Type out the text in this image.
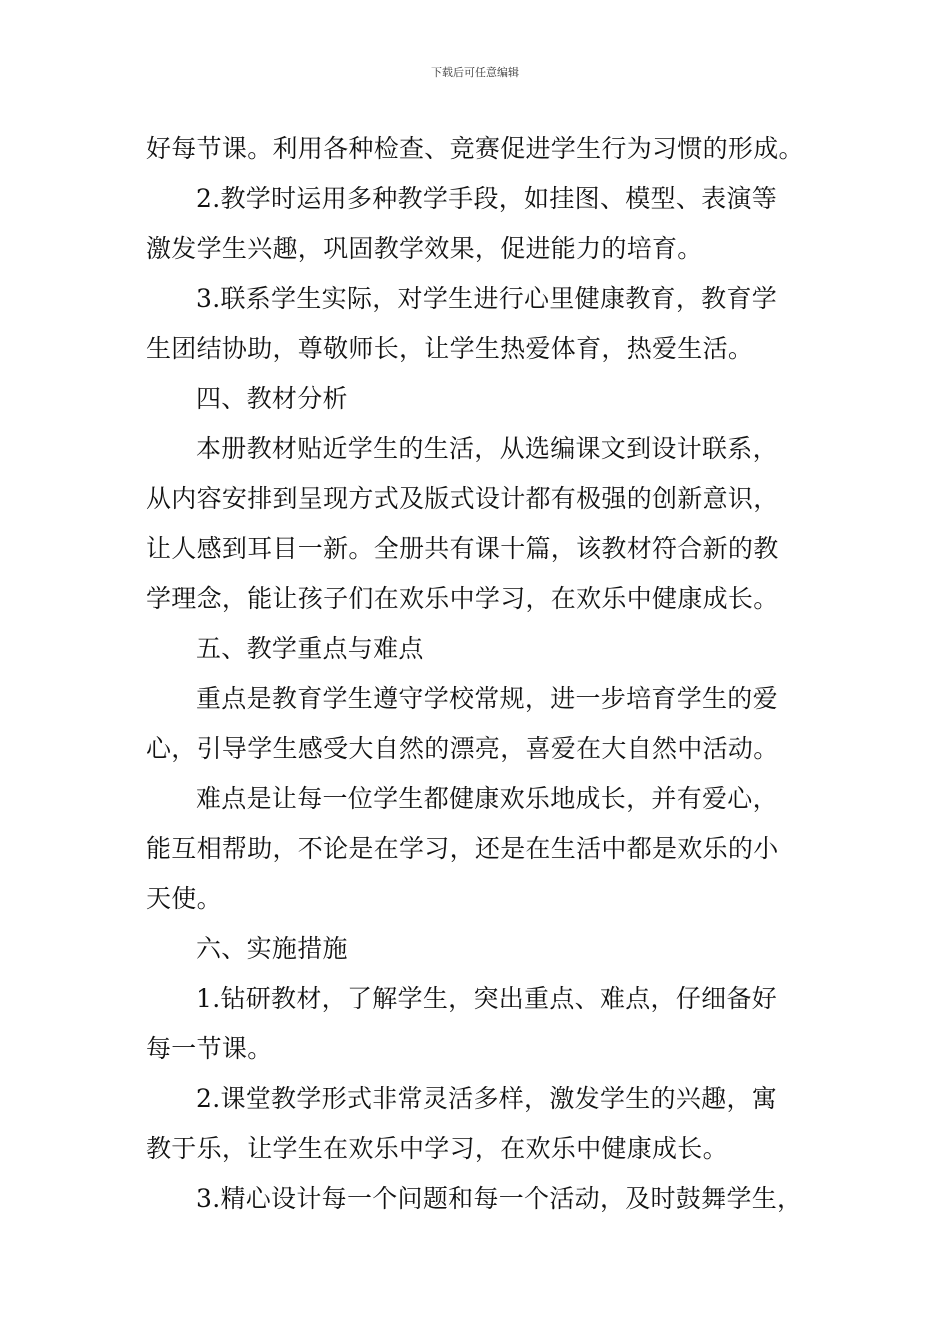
下载后可任意编辑
好每节课。利用各种检查、竞赛促进学生行为习惯的形成。
2.教学时运用多种教学手段，如挂图、模型、表演等
激发学生兴趣，巩固教学效果，促进能力的培育。
3.联系学生实际，对学生进行心里健康教育，教育学
生团结协助，尊敬师长，让学生热爱体育，热爱生活。
四、教材分析
本册教材贴近学生的生活，从选编课文到设计联系，
从内容安排到呈现方式及版式设计都有极强的创新意识，
让人感到耳目一新。全册共有课十篇，该教材符合新的教
学理念，能让孩子们在欢乐中学习，在欢乐中健康成长。
五、教学重点与难点
重点是教育学生遵守学校常规，进一步培育学生的爱
心，引导学生感受大自然的漂亮，喜爱在大自然中活动。
难点是让每一位学生都健康欢乐地成长，并有爱心，
能互相帮助，不论是在学习，还是在生活中都是欢乐的小
天使。
六、实施措施
1.钻研教材，了解学生，突出重点、难点，仔细备好
每一节课。
2.课堂教学形式非常灵活多样，激发学生的兴趣，寓
教于乐，让学生在欢乐中学习，在欢乐中健康成长。
3.精心设计每一个问题和每一个活动，及时鼓舞学生，
